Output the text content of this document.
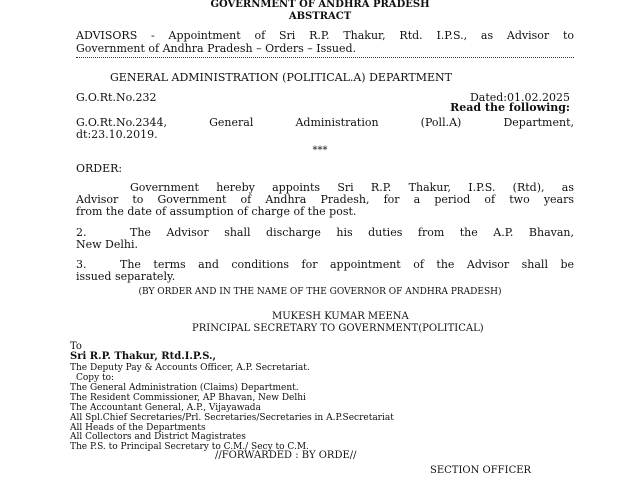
GOVERNMENT OF ANDHRA PRADESH
ABSTRACT
ADVISORS - Appointment of Sri R.P. Thakur, Rtd. I.P.S., as Advisor to
Government of Andhra Pradesh – Orders – Issued.
GENERAL ADMINISTRATION (POLITICAL.A) DEPARTMENT
G.O.Rt.No.232	Dated:01.02.2025
Read the following:
G.O.Rt.No.2344, General Administration (Poll.A) Department,
dt:23.10.2019.
***
ORDER:
Government hereby appoints Sri R.P. Thakur, I.P.S. (Rtd), as
Advisor to Government of Andhra Pradesh, for a period of two years
from the date of assumption of charge of the post.
2.	The Advisor shall discharge his duties from the A.P. Bhavan,
New Delhi.
3.	The terms and conditions for appointment of the Advisor shall be
issued separately.
(BY ORDER AND IN THE NAME OF THE GOVERNOR OF ANDHRA PRADESH)
MUKESH KUMAR MEENA
PRINCIPAL SECRETARY TO GOVERNMENT(POLITICAL)
To
Sri R.P. Thakur, Rtd.I.P.S.,
The Deputy Pay & Accounts Officer, A.P. Secretariat.
Copy to:
The General Administration (Claims) Department.
The Resident Commissioner, AP Bhavan, New Delhi
The Accountant General, A.P., Vijayawada
All Spl.Chief Secretaries/Prl. Secretaries/Secretaries in A.P.Secretariat
All Heads of the Departments
All Collectors and District Magistrates
The P.S. to Principal Secretary to C.M./ Secy to C.M.
//FORWARDED : BY ORDE//
SECTION OFFICER
